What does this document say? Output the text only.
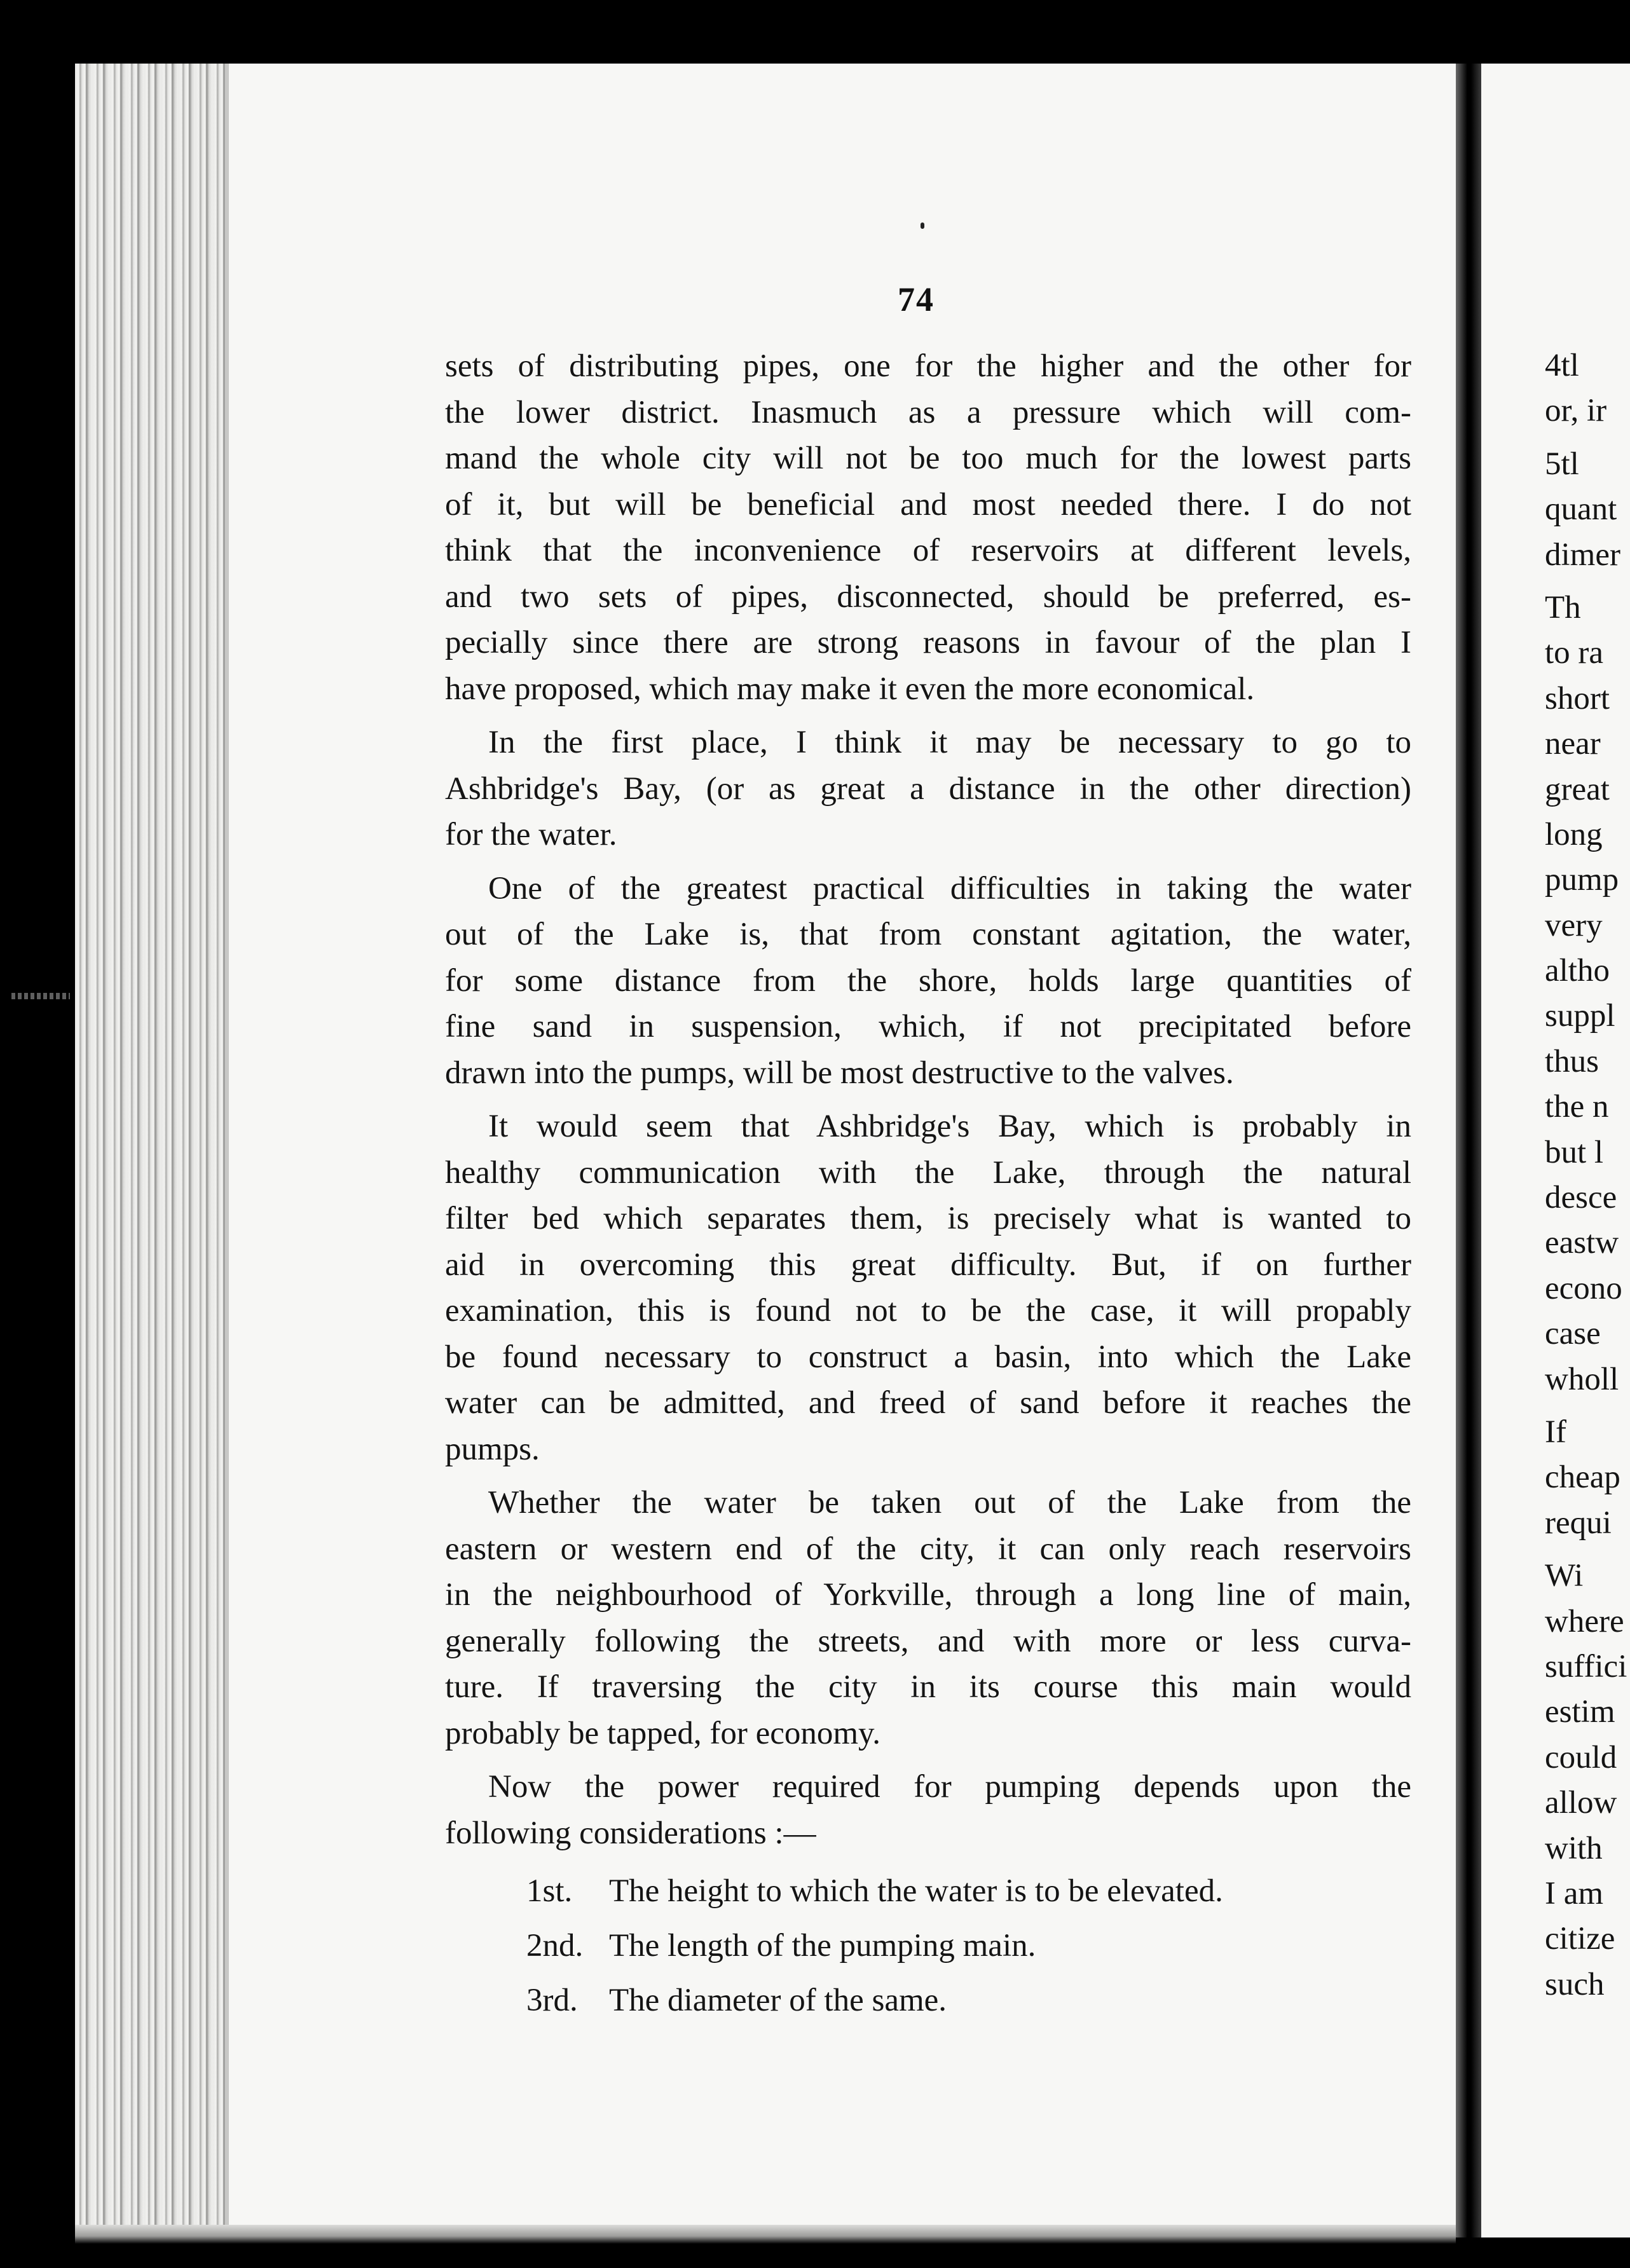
74
sets of distributing pipes, one for the higher and the other for
the lower district. Inasmuch as a pressure which will com-
mand the whole city will not be too much for the lowest parts
of it, but will be beneficial and most needed there. I do not
think that the inconvenience of reservoirs at different levels,
and two sets of pipes, disconnected, should be preferred, es-
pecially since there are strong reasons in favour of the plan I
have proposed, which may make it even the more economical.
In the first place, I think it may be necessary to go to
Ashbridge's Bay, (or as great a distance in the other direction)
for the water.
One of the greatest practical difficulties in taking the water
out of the Lake is, that from constant agitation, the water,
for some distance from the shore, holds large quantities of
fine sand in suspension, which, if not precipitated before
drawn into the pumps, will be most destructive to the valves.
It would seem that Ashbridge's Bay, which is probably in
healthy communication with the Lake, through the natural
filter bed which separates them, is precisely what is wanted to
aid in overcoming this great difficulty. But, if on further
examination, this is found not to be the case, it will propably
be found necessary to construct a basin, into which the Lake
water can be admitted, and freed of sand before it reaches the
pumps.
Whether the water be taken out of the Lake from the
eastern or western end of the city, it can only reach reservoirs
in the neighbourhood of Yorkville, through a long line of main,
generally following the streets, and with more or less curva-
ture. If traversing the city in its course this main would
probably be tapped, for economy.
Now the power required for pumping depends upon the
following considerations :—
1st. The height to which the water is to be elevated.
2nd. The length of the pumping main.
3rd. The diameter of the same.
4tl
or, ir
5tl
quant
dimer
Th
to ra
short
near
great
long
pump
very
altho
suppl
thus
the n
but l
desce
eastw
econo
case
wholl
If
cheap
requi
Wi
where
suffici
estim
could
allow
with
I am
citize
such
